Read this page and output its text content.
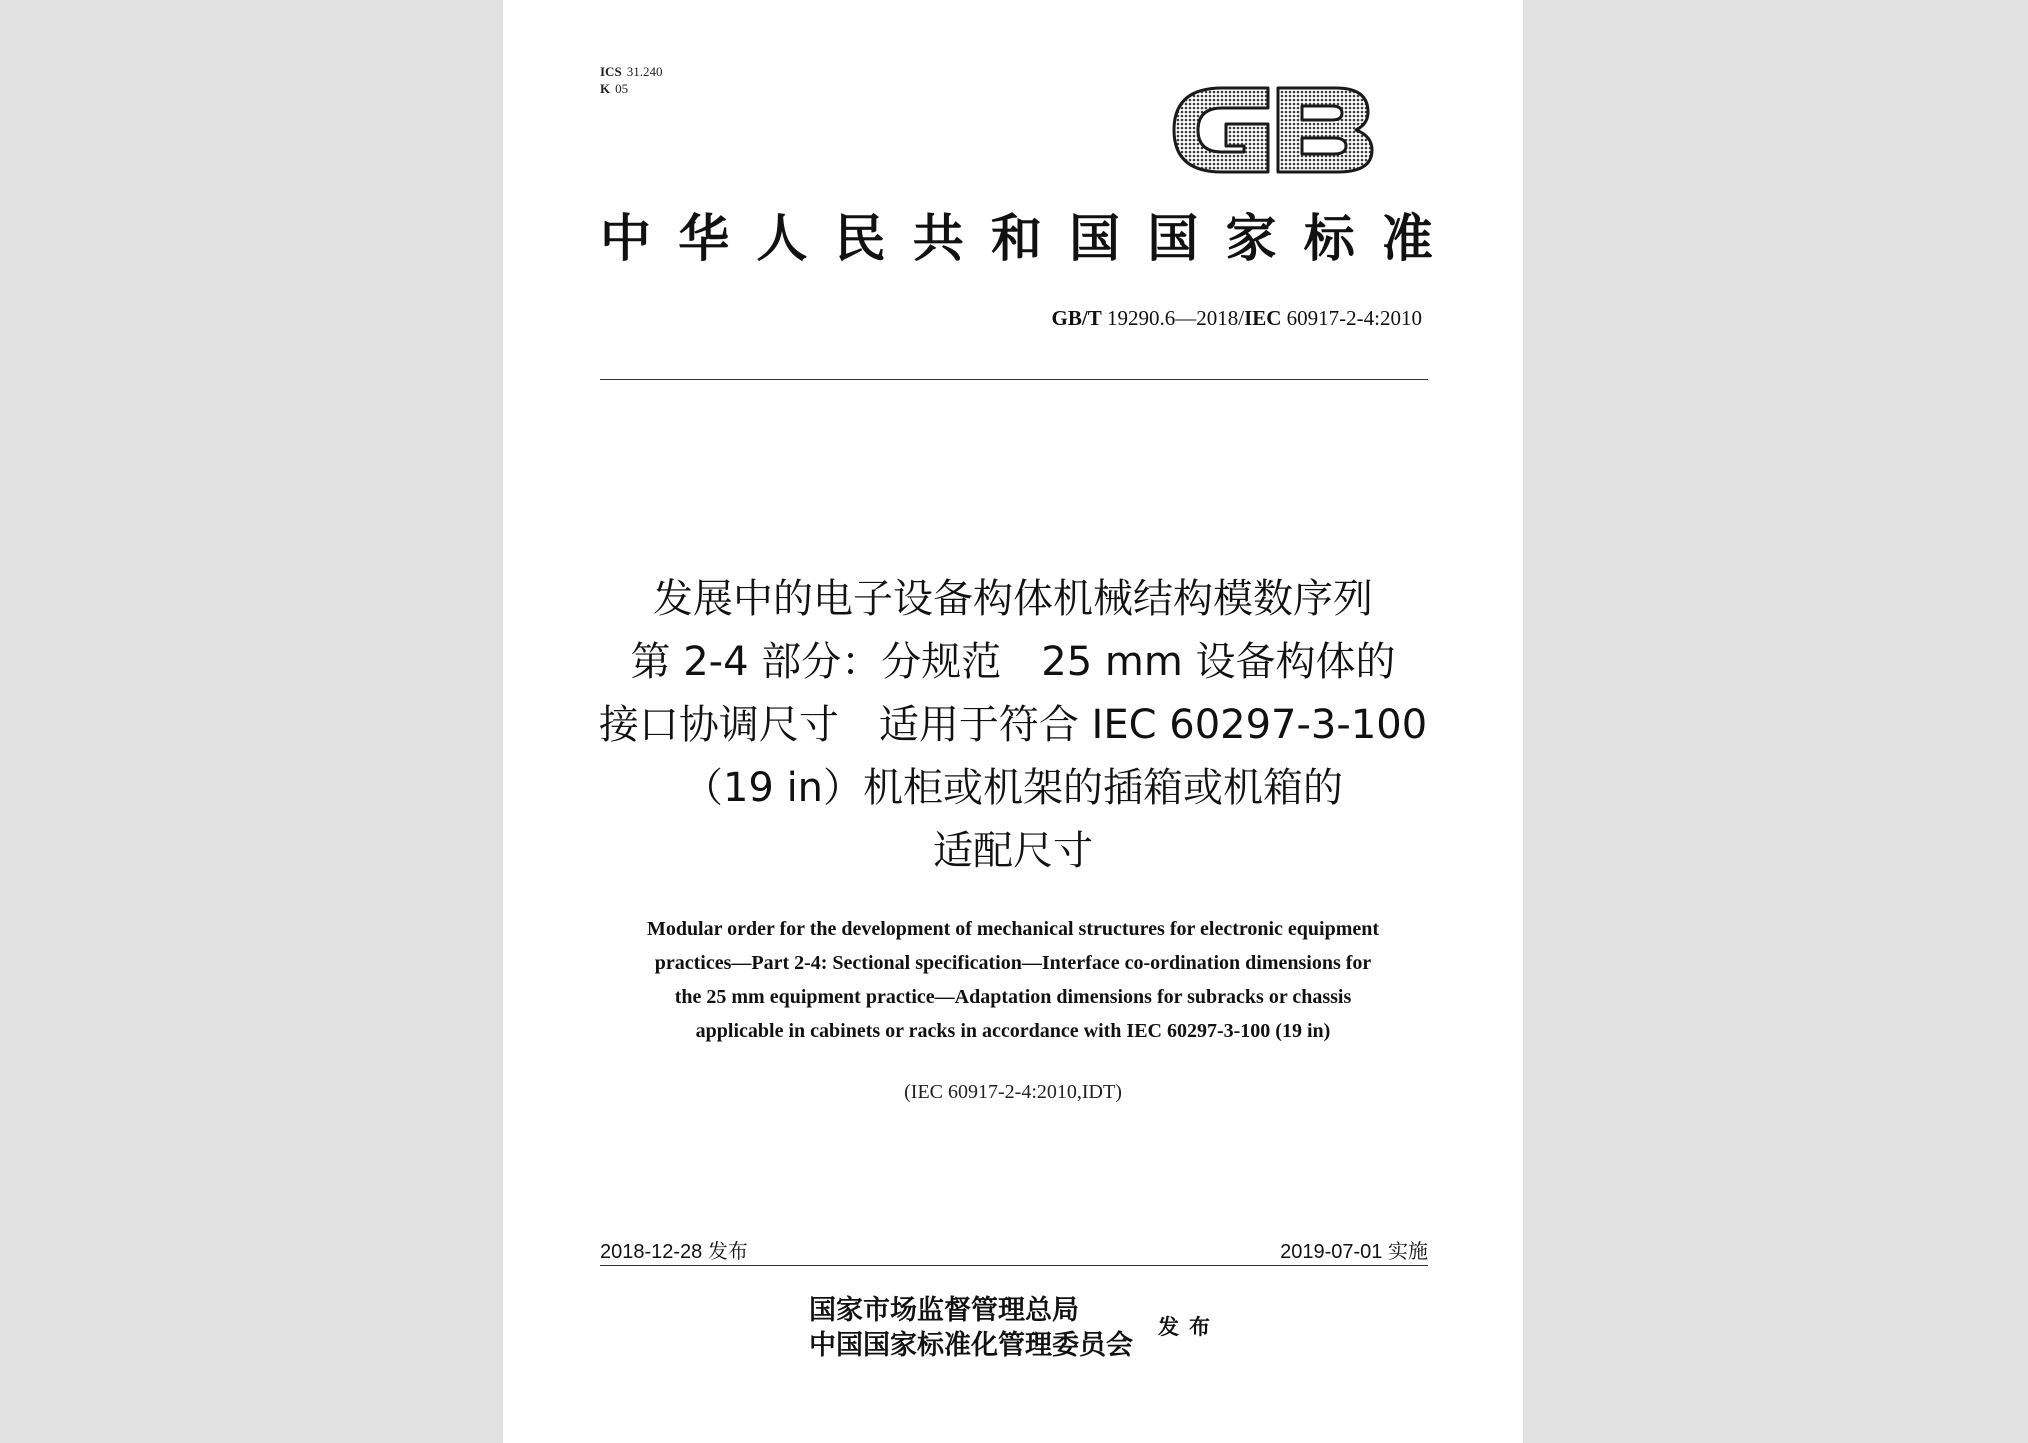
ICS 31.240
K 05
中 华 人 民 共 和 国 国 家 标 准
GB/T 19290.6—2018/IEC 60917-2-4:2010
发展中的电子设备构体机械结构模数序列
第 2-4 部分：分规范　25 mm 设备构体的
接口协调尺寸　适用于符合 IEC 60297-3-100
（19 in）机柜或机架的插箱或机箱的
适配尺寸
Modular order for the development of mechanical structures for electronic equipment
practices—Part 2-4: Sectional specification—Interface co-ordination dimensions for
the 25 mm equipment practice—Adaptation dimensions for subracks or chassis
applicable in cabinets or racks in accordance with IEC 60297-3-100 (19 in)
(IEC 60917-2-4:2010,IDT)
2018-12-28 发布	2019-07-01 实施
国家市场监督管理总局
中国国家标准化管理委员会
发布
